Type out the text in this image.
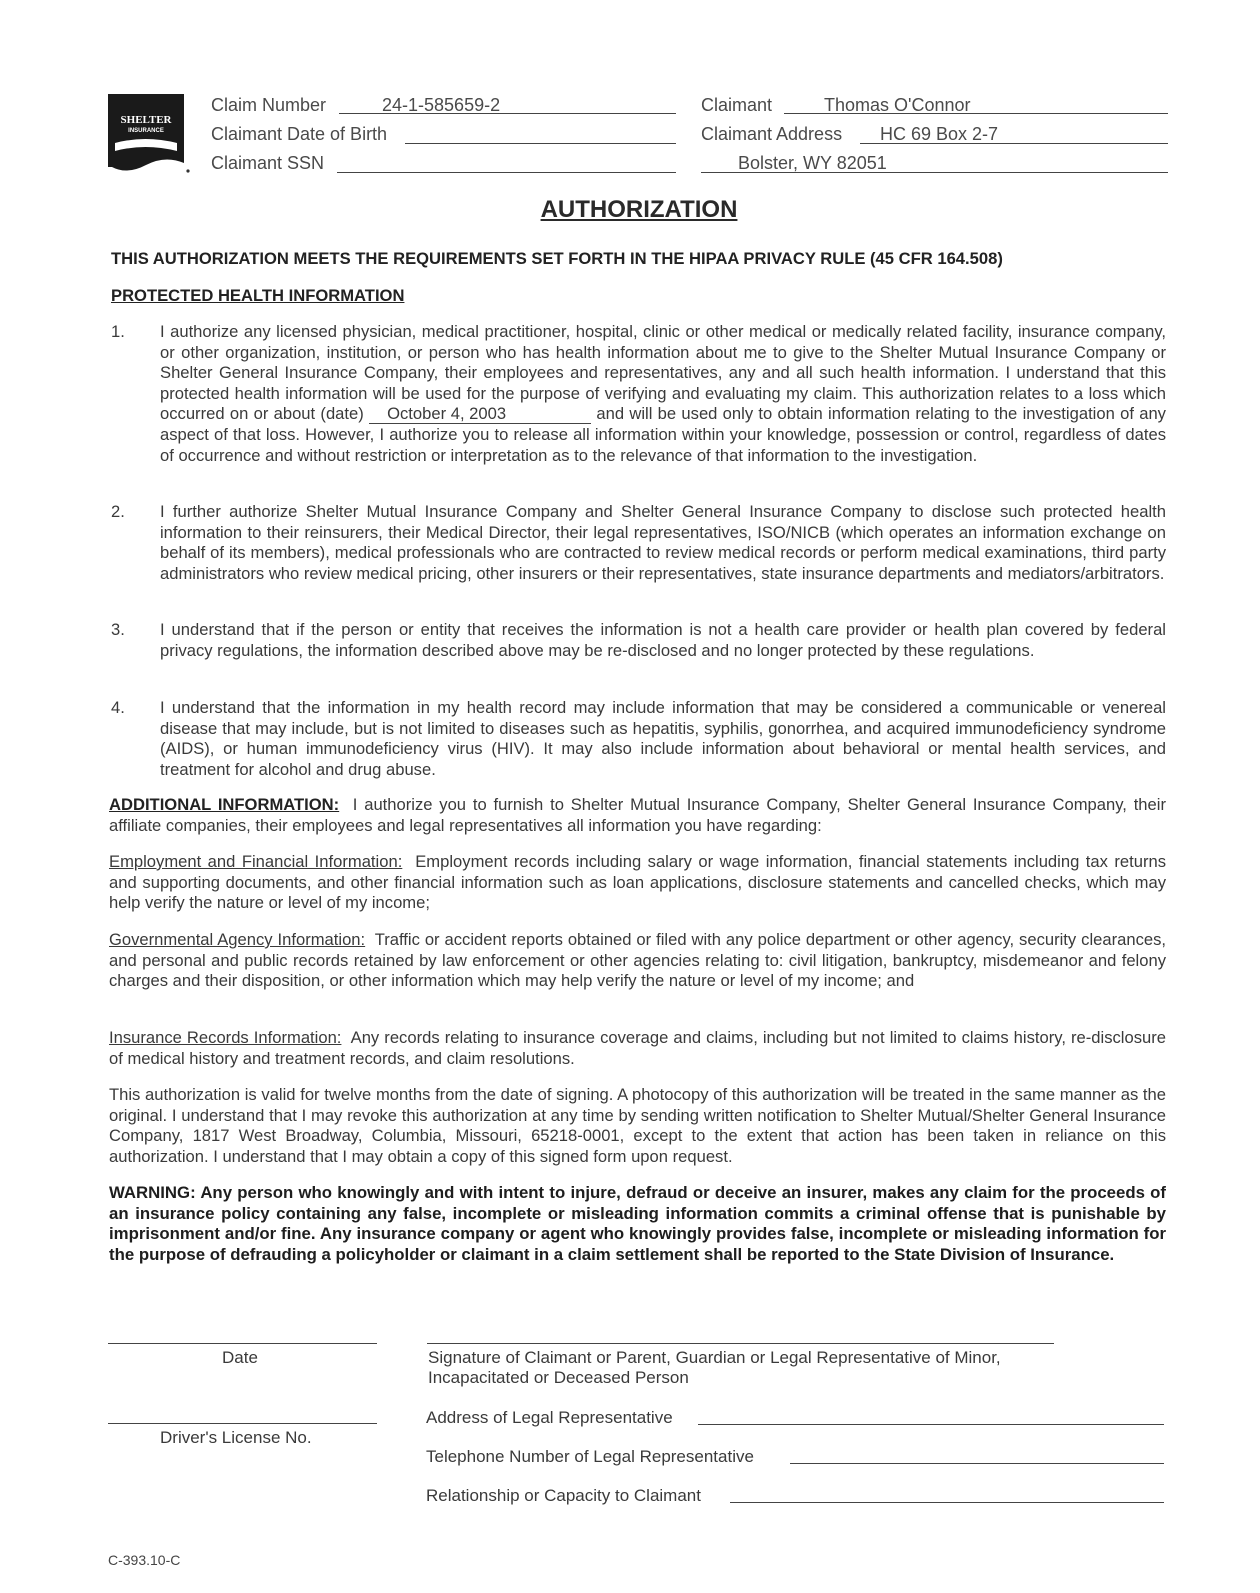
SHELTER
INSURANCE
Claim Number	24-1-585659-2
Claimant Date of Birth
Claimant SSN
Claimant	Thomas O'Connor
Claimant Address HC 69 Box 2-7
Bolster, WY 82051
AUTHORIZATION
THIS AUTHORIZATION MEETS THE REQUIREMENTS SET FORTH IN THE HIPAA PRIVACY RULE (45 CFR 164.508)
PROTECTED HEALTH INFORMATION
1. I authorize any licensed physician, medical practitioner, hospital, clinic or other medical or medically related facility, insurance company, or other organization, institution, or person who has health information about me to give to the Shelter Mutual Insurance Company or Shelter General Insurance Company, their employees and representatives, any and all such health information. I understand that this protected health information will be used for the purpose of verifying and evaluating my claim. This authorization relates to a loss which occurred on or about (date) October 4, 2003	and will be used only to obtain information relating to the investigation of any aspect of that loss. However, I authorize you to release all information within your knowledge, possession or control, regardless of dates of occurrence and without restriction or interpretation as to the relevance of that information to the investigation.
2. I further authorize Shelter Mutual Insurance Company and Shelter General Insurance Company to disclose such protected health information to their reinsurers, their Medical Director, their legal representatives, ISO/NICB (which operates an information exchange on behalf of its members), medical professionals who are contracted to review medical records or perform medical examinations, third party administrators who review medical pricing, other insurers or their representatives, state insurance departments and mediators/arbitrators.
3. I understand that if the person or entity that receives the information is not a health care provider or health plan covered by federal privacy regulations, the information described above may be re-disclosed and no longer protected by these regulations.
4. I understand that the information in my health record may include information that may be considered a communicable or venereal disease that may include, but is not limited to diseases such as hepatitis, syphilis, gonorrhea, and acquired immunodeficiency syndrome (AIDS), or human immunodeficiency virus (HIV). It may also include information about behavioral or mental health services, and treatment for alcohol and drug abuse.
ADDITIONAL INFORMATION: I authorize you to furnish to Shelter Mutual Insurance Company, Shelter General Insurance Company, their affiliate companies, their employees and legal representatives all information you have regarding:
Employment and Financial Information: Employment records including salary or wage information, financial statements including tax returns and supporting documents, and other financial information such as loan applications, disclosure statements and cancelled checks, which may help verify the nature or level of my income;
Governmental Agency Information: Traffic or accident reports obtained or filed with any police department or other agency, security clearances, and personal and public records retained by law enforcement or other agencies relating to: civil litigation, bankruptcy, misdemeanor and felony charges and their disposition, or other information which may help verify the nature or level of my income; and
Insurance Records Information: Any records relating to insurance coverage and claims, including but not limited to claims history, re-disclosure of medical history and treatment records, and claim resolutions.
This authorization is valid for twelve months from the date of signing. A photocopy of this authorization will be treated in the same manner as the original. I understand that I may revoke this authorization at any time by sending written notification to Shelter Mutual/Shelter General Insurance Company, 1817 West Broadway, Columbia, Missouri, 65218-0001, except to the extent that action has been taken in reliance on this authorization. I understand that I may obtain a copy of this signed form upon request.
WARNING: Any person who knowingly and with intent to injure, defraud or deceive an insurer, makes any claim for the proceeds of an insurance policy containing any false, incomplete or misleading information commits a criminal offense that is punishable by imprisonment and/or fine. Any insurance company or agent who knowingly provides false, incomplete or misleading information for the purpose of defrauding a policyholder or claimant in a claim settlement shall be reported to the State Division of Insurance.
Date	Signature of Claimant or Parent, Guardian or Legal Representative of Minor,
Incapacitated or Deceased Person
Driver's License No.
Address of Legal Representative
Telephone Number of Legal Representative
Relationship or Capacity to Claimant
C-393.10-C
